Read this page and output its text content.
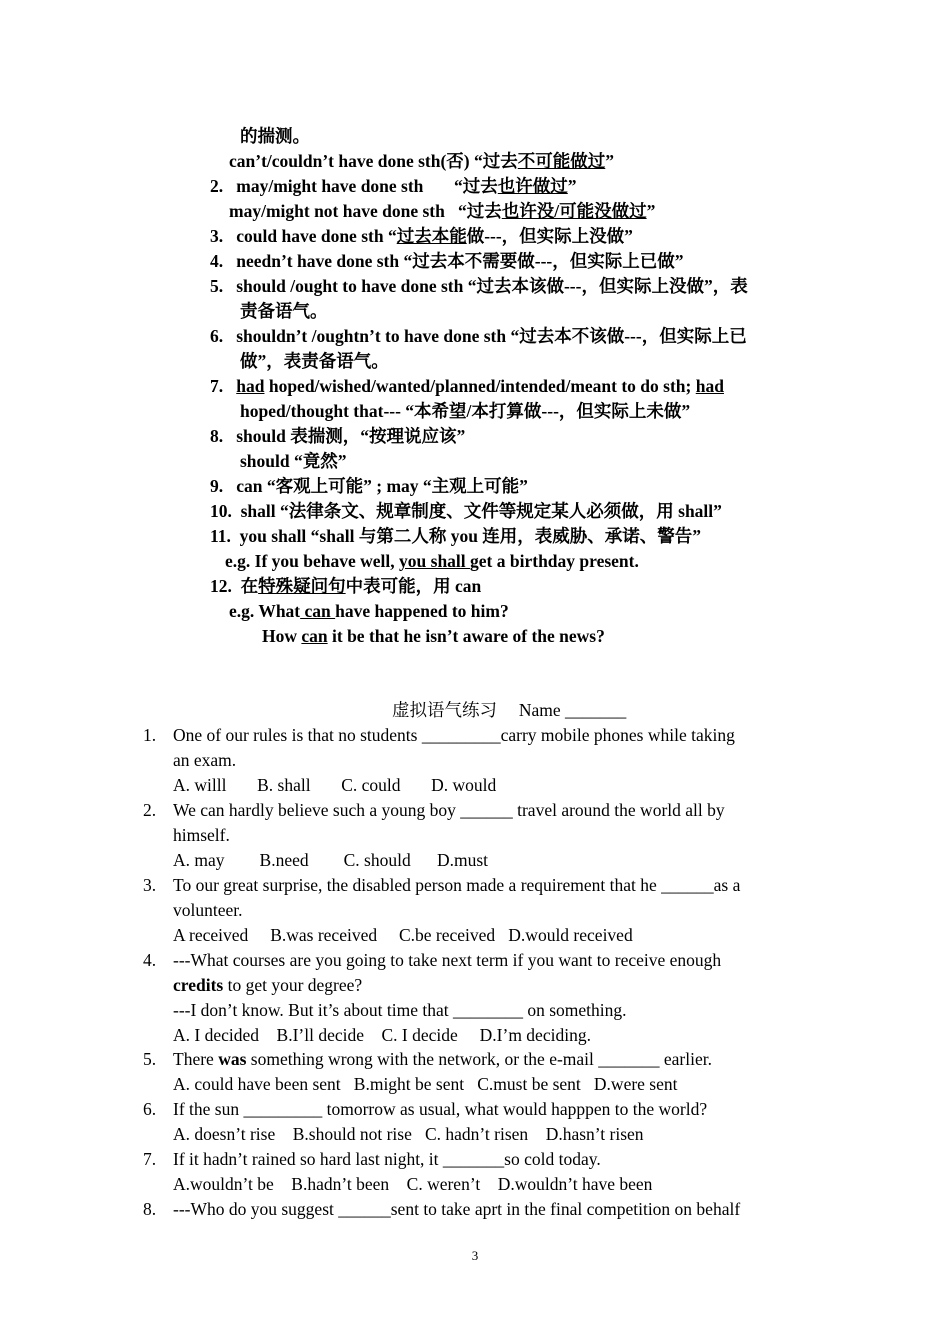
的揣测。
can’t/couldn’t have done sth(否) “过去不可能做过”
2. may/might have done sth “过去也许做过”
may/might not have done sth “过去也许没/可能没做过”
3. could have done sth “过去本能做---，但实际上没做”
4. needn’t have done sth “过去本不需要做---，但实际上已做”
5. should /ought to have done sth “过去本该做---，但实际上没做”，表
责备语气。
6. shouldn’t /oughtn’t to have done sth “过去本不该做---，但实际上已
做”，表责备语气。
7. had hoped/wished/wanted/planned/intended/meant to do sth; had
hoped/thought that--- “本希望/本打算做---，但实际上未做”
8. should 表揣测，“按理说应该”
should “竟然”
9. can “客观上可能” ; may “主观上可能”
10. shall “法律条文、规章制度、文件等规定某人必须做，用 shall”
11. you shall “shall 与第二人称 you 连用，表威胁、承诺、警告”
e.g. If you behave well, you shall get a birthday present.
12. 在特殊疑问句中表可能，用 can
e.g. What can have happened to him?
How can it be that he isn’t aware of the news?
虚拟语气练习 Name _______
1. One of our rules is that no students _________carry mobile phones while taking
an exam.
A. willl B. shall C. could D. would
2. We can hardly believe such a young boy ______ travel around the world all by
himself.
A. may B.need C. should D.must
3. To our great surprise, the disabled person made a requirement that he ______as a
volunteer.
A received B.was received C.be received D.would received
4. ---What courses are you going to take next term if you want to receive enough
credits to get your degree?
---I don’t know. But it’s about time that ________ on something.
A. I decided B.I’ll decide C. I decide D.I’m deciding.
5. There was something wrong with the network, or the e-mail _______ earlier.
A. could have been sent B.might be sent C.must be sent D.were sent
6. If the sun _________ tomorrow as usual, what would happpen to the world?
A. doesn’t rise B.should not rise C. hadn’t risen D.hasn’t risen
7. If it hadn’t rained so hard last night, it _______so cold today.
A.wouldn’t be B.hadn’t been C. weren’t D.wouldn’t have been
8. ---Who do you suggest ______sent to take aprt in the final competition on behalf
3
